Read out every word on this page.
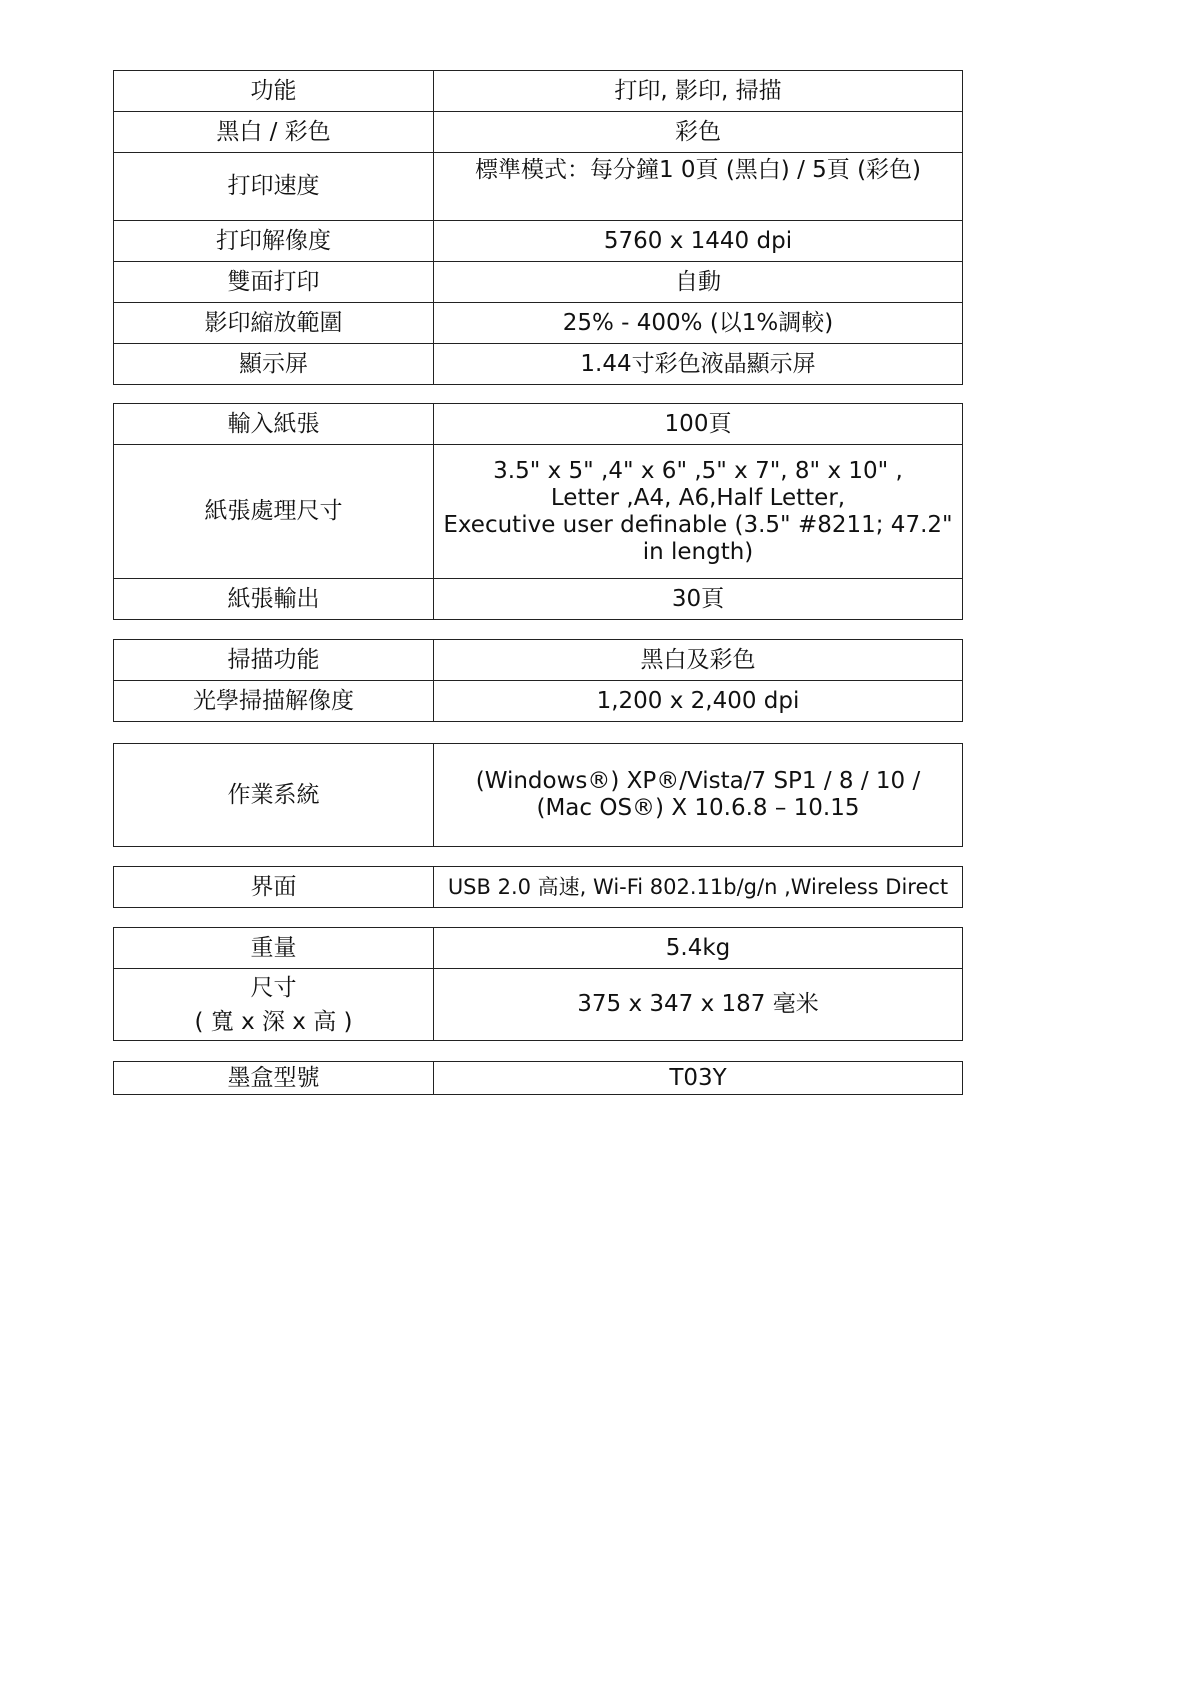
功能	打印, 影印, 掃描
黑白 / 彩色	彩色
打印速度	標準模式：每分鐘1 0頁 (黑白) / 5頁 (彩色)
打印解像度	5760 x 1440 dpi
雙面打印	自動
影印縮放範圍	25% - 400% (以1%調較)
顯示屏	1.44寸彩色液晶顯示屏
輸入紙張	100頁
紙張處理尺寸	3.5" x 5" ,4" x 6" ,5" x 7", 8" x 10" ,
Letter ,A4, A6,Half Letter,
Executive user definable (3.5" #8211; 47.2" in length)
紙張輸出	30頁
掃描功能	黑白及彩色
光學掃描解像度	1,200 x 2,400 dpi
作業系統	(Windows®) XP®/Vista/7 SP1 / 8 / 10 /
(Mac OS®) X 10.6.8 – 10.15
界面	USB 2.0 高速, Wi-Fi 802.11b/g/n ,Wireless Direct
重量	5.4kg
尺寸
( 寬 x 深 x 高 )	375 x 347 x 187 毫米
墨盒型號	T03Y
